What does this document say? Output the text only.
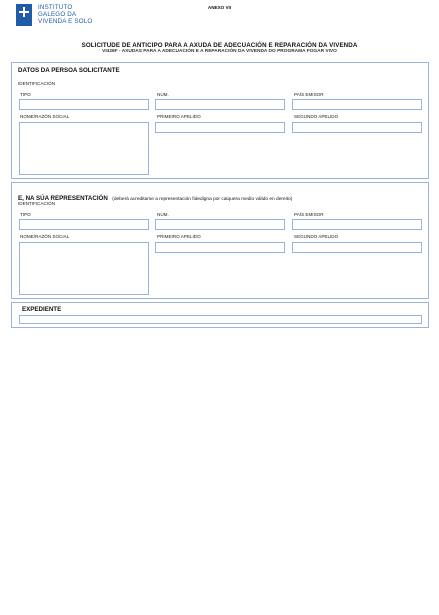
INSTITUTO
GALEGO DA
VIVENDA E SOLO
ANEXO VII
SOLICITUDE DE ANTICIPO PARA A AXUDA DE ADECUACIÓN E REPARACIÓN DA VIVENDA
VI426F - AXUDAS PARA A ADECUACIÓN E A REPARACIÓN DA VIVENDA DO PROGRAMA FOGAR VIVO
DATOS DA PERSOA SOLICITANTE
IDENTIFICACIÓN
TIPO	NÚM.	PAÍS EMISOR
NOME/RAZÓN SOCIAL	PRIMEIRO APELIDO	SEGUNDO APELIDO
E, NA SÚA REPRESENTACIÓN (deberá acreditarse a representación fidedigna por calquera medio válido en dereito)
IDENTIFICACIÓN
TIPO	NÚM.	PAÍS EMISOR
NOME/RAZÓN SOCIAL	PRIMEIRO APELIDO	SEGUNDO APELIDO
EXPEDIENTE
